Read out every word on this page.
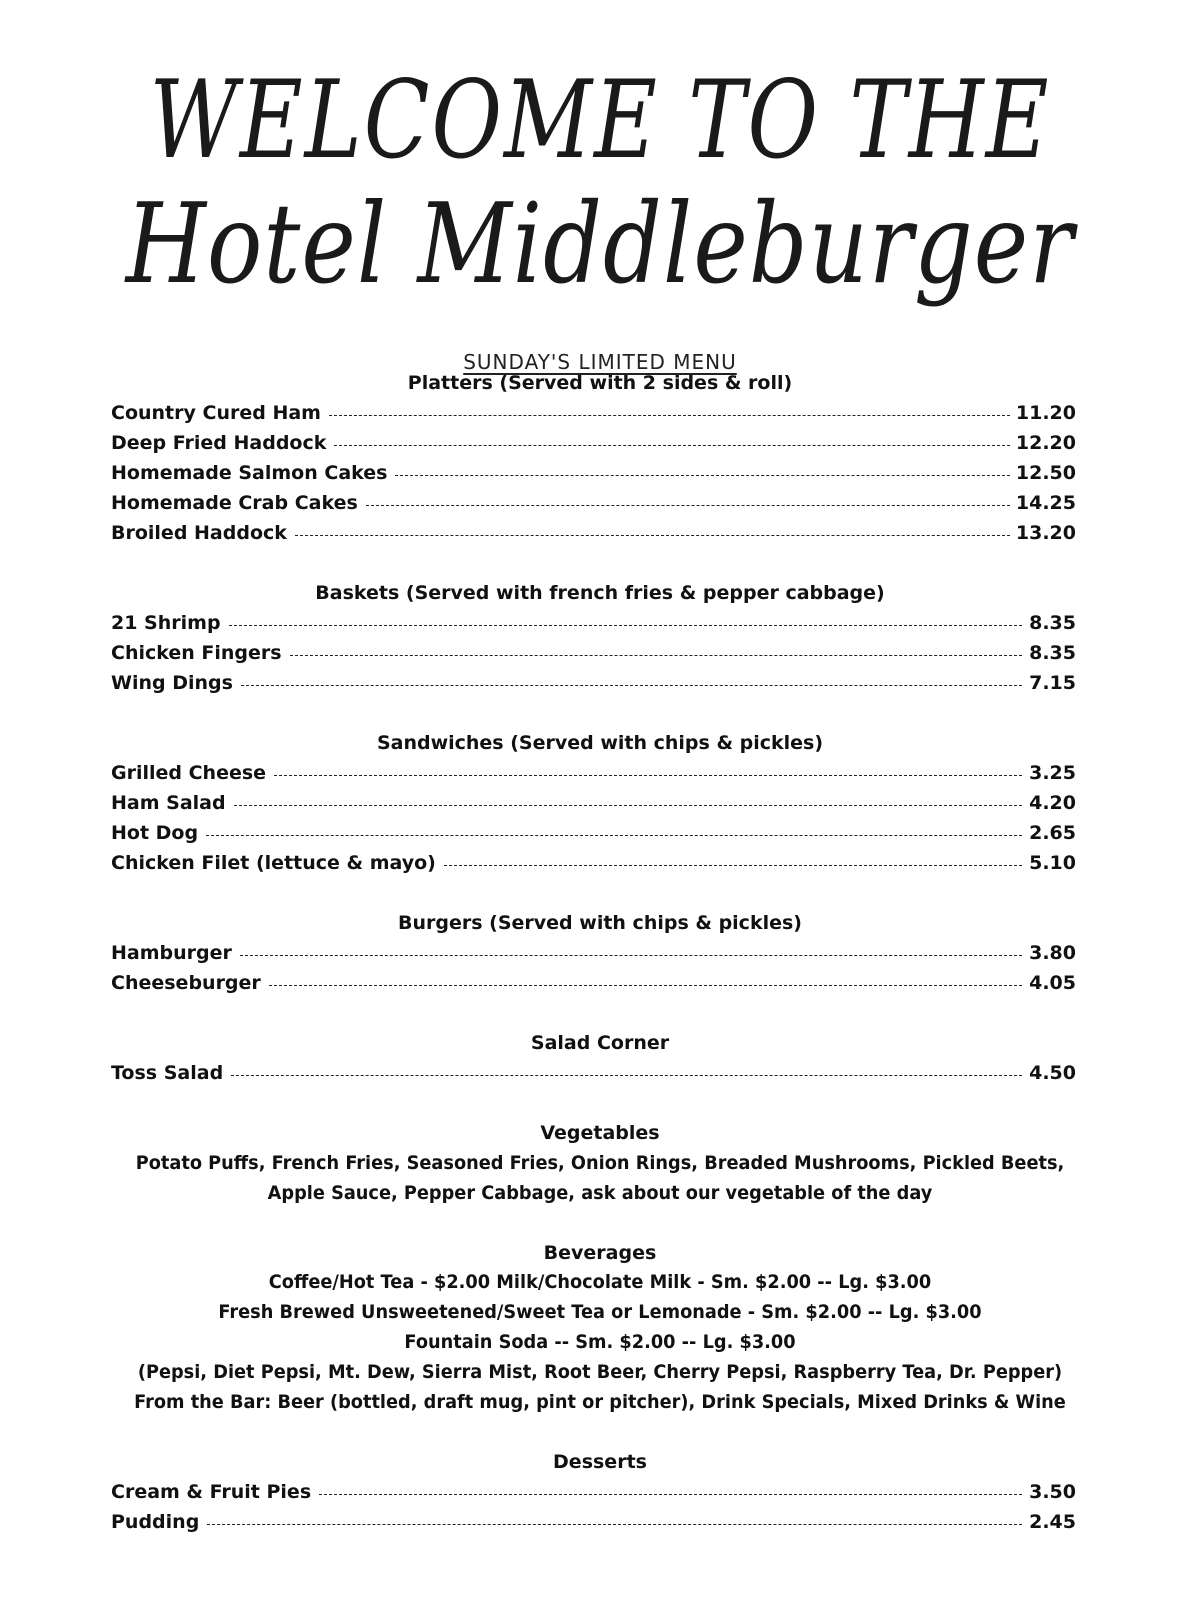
WELCOME TO THE
Hotel Middleburger
SUNDAY'S LIMITED MENU
Platters (Served with 2 sides & roll)
Country Cured Ham	11.20
Deep Fried Haddock	12.20
Homemade Salmon Cakes	12.50
Homemade Crab Cakes	14.25
Broiled Haddock	13.20
Baskets (Served with french fries & pepper cabbage)
21 Shrimp	8.35
Chicken Fingers	8.35
Wing Dings	7.15
Sandwiches (Served with chips & pickles)
Grilled Cheese	3.25
Ham Salad	4.20
Hot Dog	2.65
Chicken Filet (lettuce & mayo)	5.10
Burgers (Served with chips & pickles)
Hamburger	3.80
Cheeseburger	4.05
Salad Corner
Toss Salad	4.50
Vegetables
Potato Puffs, French Fries, Seasoned Fries, Onion Rings, Breaded Mushrooms, Pickled Beets,
Apple Sauce, Pepper Cabbage, ask about our vegetable of the day
Beverages
Coffee/Hot Tea - $2.00 Milk/Chocolate Milk - Sm. $2.00 -- Lg. $3.00
Fresh Brewed Unsweetened/Sweet Tea or Lemonade - Sm. $2.00 -- Lg. $3.00
Fountain Soda -- Sm. $2.00 -- Lg. $3.00
(Pepsi, Diet Pepsi, Mt. Dew, Sierra Mist, Root Beer, Cherry Pepsi, Raspberry Tea, Dr. Pepper)
From the Bar: Beer (bottled, draft mug, pint or pitcher), Drink Specials, Mixed Drinks & Wine
Desserts
Cream & Fruit Pies	3.50
Pudding	2.45
